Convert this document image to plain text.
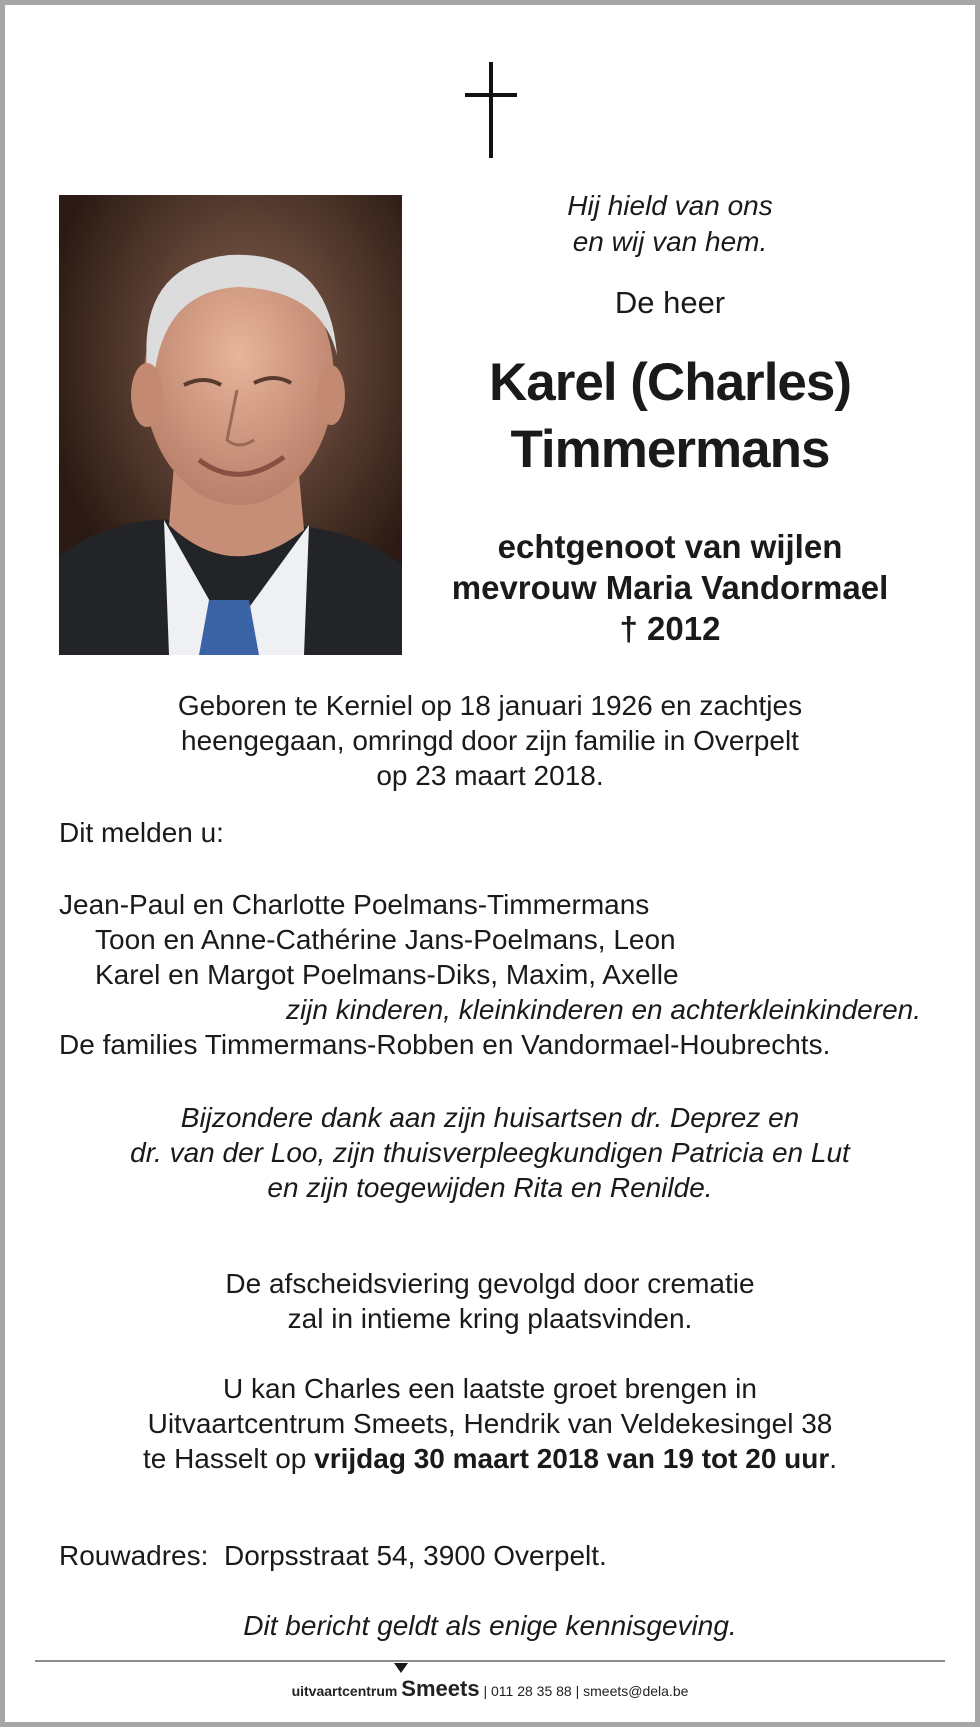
Hij hield van ons
en wij van hem.
De heer
Karel (Charles)
Timmermans
echtgenoot van wijlen
mevrouw Maria Vandormael
† 2012
Geboren te Kerniel op 18 januari 1926 en zachtjes
heengegaan, omringd door zijn familie in Overpelt
op 23 maart 2018.
Dit melden u:
Jean-Paul en Charlotte Poelmans-Timmermans
Toon en Anne-Cathérine Jans-Poelmans, Leon
Karel en Margot Poelmans-Diks, Maxim, Axelle
zijn kinderen, kleinkinderen en achterkleinkinderen.
De families Timmermans-Robben en Vandormael-Houbrechts.
Bijzondere dank aan zijn huisartsen dr. Deprez en
dr. van der Loo, zijn thuisverpleegkundigen Patricia en Lut
en zijn toegewijden Rita en Renilde.
De afscheidsviering gevolgd door crematie
zal in intieme kring plaatsvinden.
U kan Charles een laatste groet brengen in
Uitvaartcentrum Smeets, Hendrik van Veldekesingel 38
te Hasselt op vrijdag 30 maart 2018 van 19 tot 20 uur.
Rouwadres: Dorpsstraat 54, 3900 Overpelt.
Dit bericht geldt als enige kennisgeving.
uitvaartcentrum Smeets | 011 28 35 88 | smeets@dela.be
